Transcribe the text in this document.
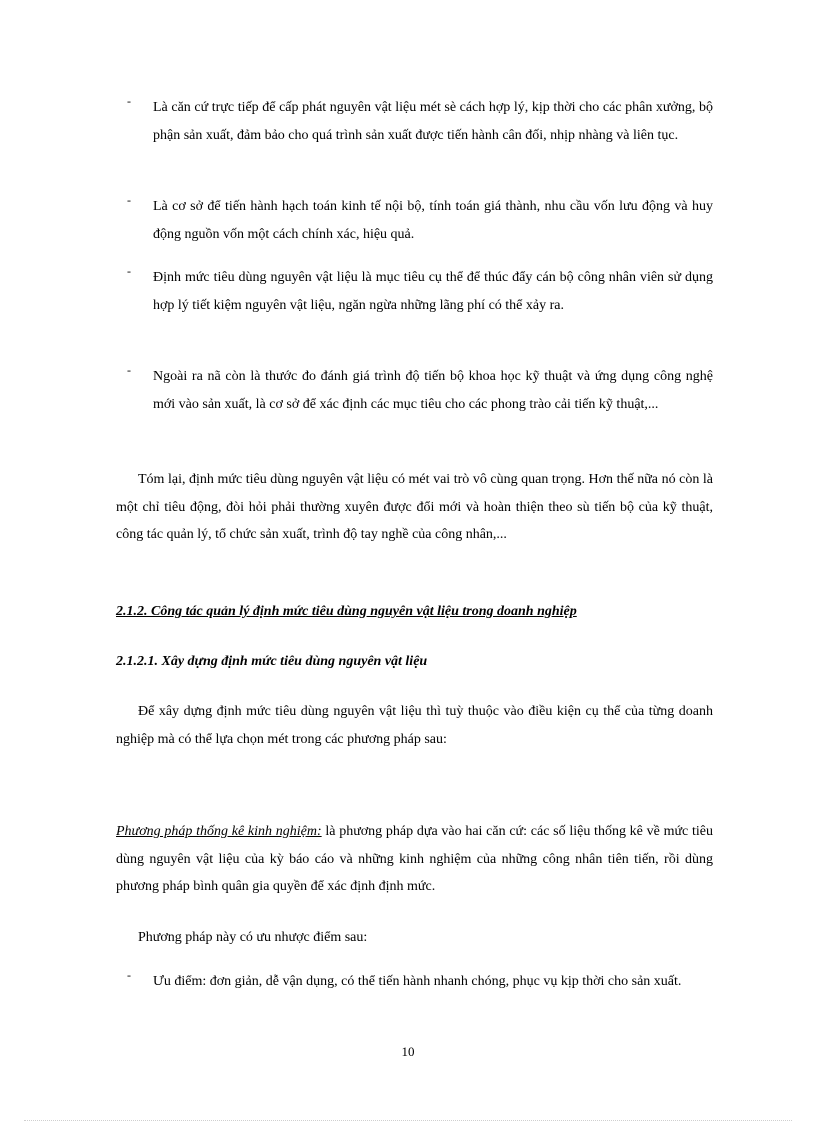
- Là căn cứ trực tiếp để cấp phát nguyên vật liệu mét sè cách hợp lý, kịp thời cho các phân xưởng, bộ phận sản xuất, đảm bảo cho quá trình sản xuất được tiến hành cân đối, nhịp nhàng và liên tục.
- Là cơ sở để tiến hành hạch toán kinh tế nội bộ, tính toán giá thành, nhu cầu vốn lưu động và huy động nguồn vốn một cách chính xác, hiệu quả.
- Định mức tiêu dùng nguyên vật liệu là mục tiêu cụ thể để thúc đẩy cán bộ công nhân viên sử dụng hợp lý tiết kiệm nguyên vật liệu, ngăn ngừa những lãng phí có thể xảy ra.
- Ngoài ra nã còn là thước đo đánh giá trình độ tiến bộ khoa học kỹ thuật và ứng dụng công nghệ mới vào sản xuất, là cơ sở để xác định các mục tiêu cho các phong trào cải tiến kỹ thuật,...
Tóm lại, định mức tiêu dùng nguyên vật liệu có mét vai trò vô cùng quan trọng. Hơn thế nữa nó còn là một chỉ tiêu động, đòi hỏi phải thường xuyên được đổi mới và hoàn thiện theo sù tiến bộ của kỹ thuật, công tác quản lý, tổ chức sản xuất, trình độ tay nghề của công nhân,...
2.1.2. Công tác quản lý định mức tiêu dùng nguyên vật liệu trong doanh nghiệp
2.1.2.1. Xây dựng định mức tiêu dùng nguyên vật liệu
Để xây dựng định mức tiêu dùng nguyên vật liệu thì tuỳ thuộc vào điều kiện cụ thể của từng doanh nghiệp mà có thể lựa chọn mét trong các phương pháp sau:
Phương pháp thống kê kinh nghiệm: là phương pháp dựa vào hai căn cứ: các số liệu thống kê về mức tiêu dùng nguyên vật liệu của kỳ báo cáo và những kinh nghiệm của những công nhân tiên tiến, rồi dùng phương pháp bình quân gia quyền để xác định định mức.
Phương pháp này có ưu nhược điểm sau:
- Ưu điểm: đơn giản, dễ vận dụng, có thể tiến hành nhanh chóng, phục vụ kịp thời cho sản xuất.
10
